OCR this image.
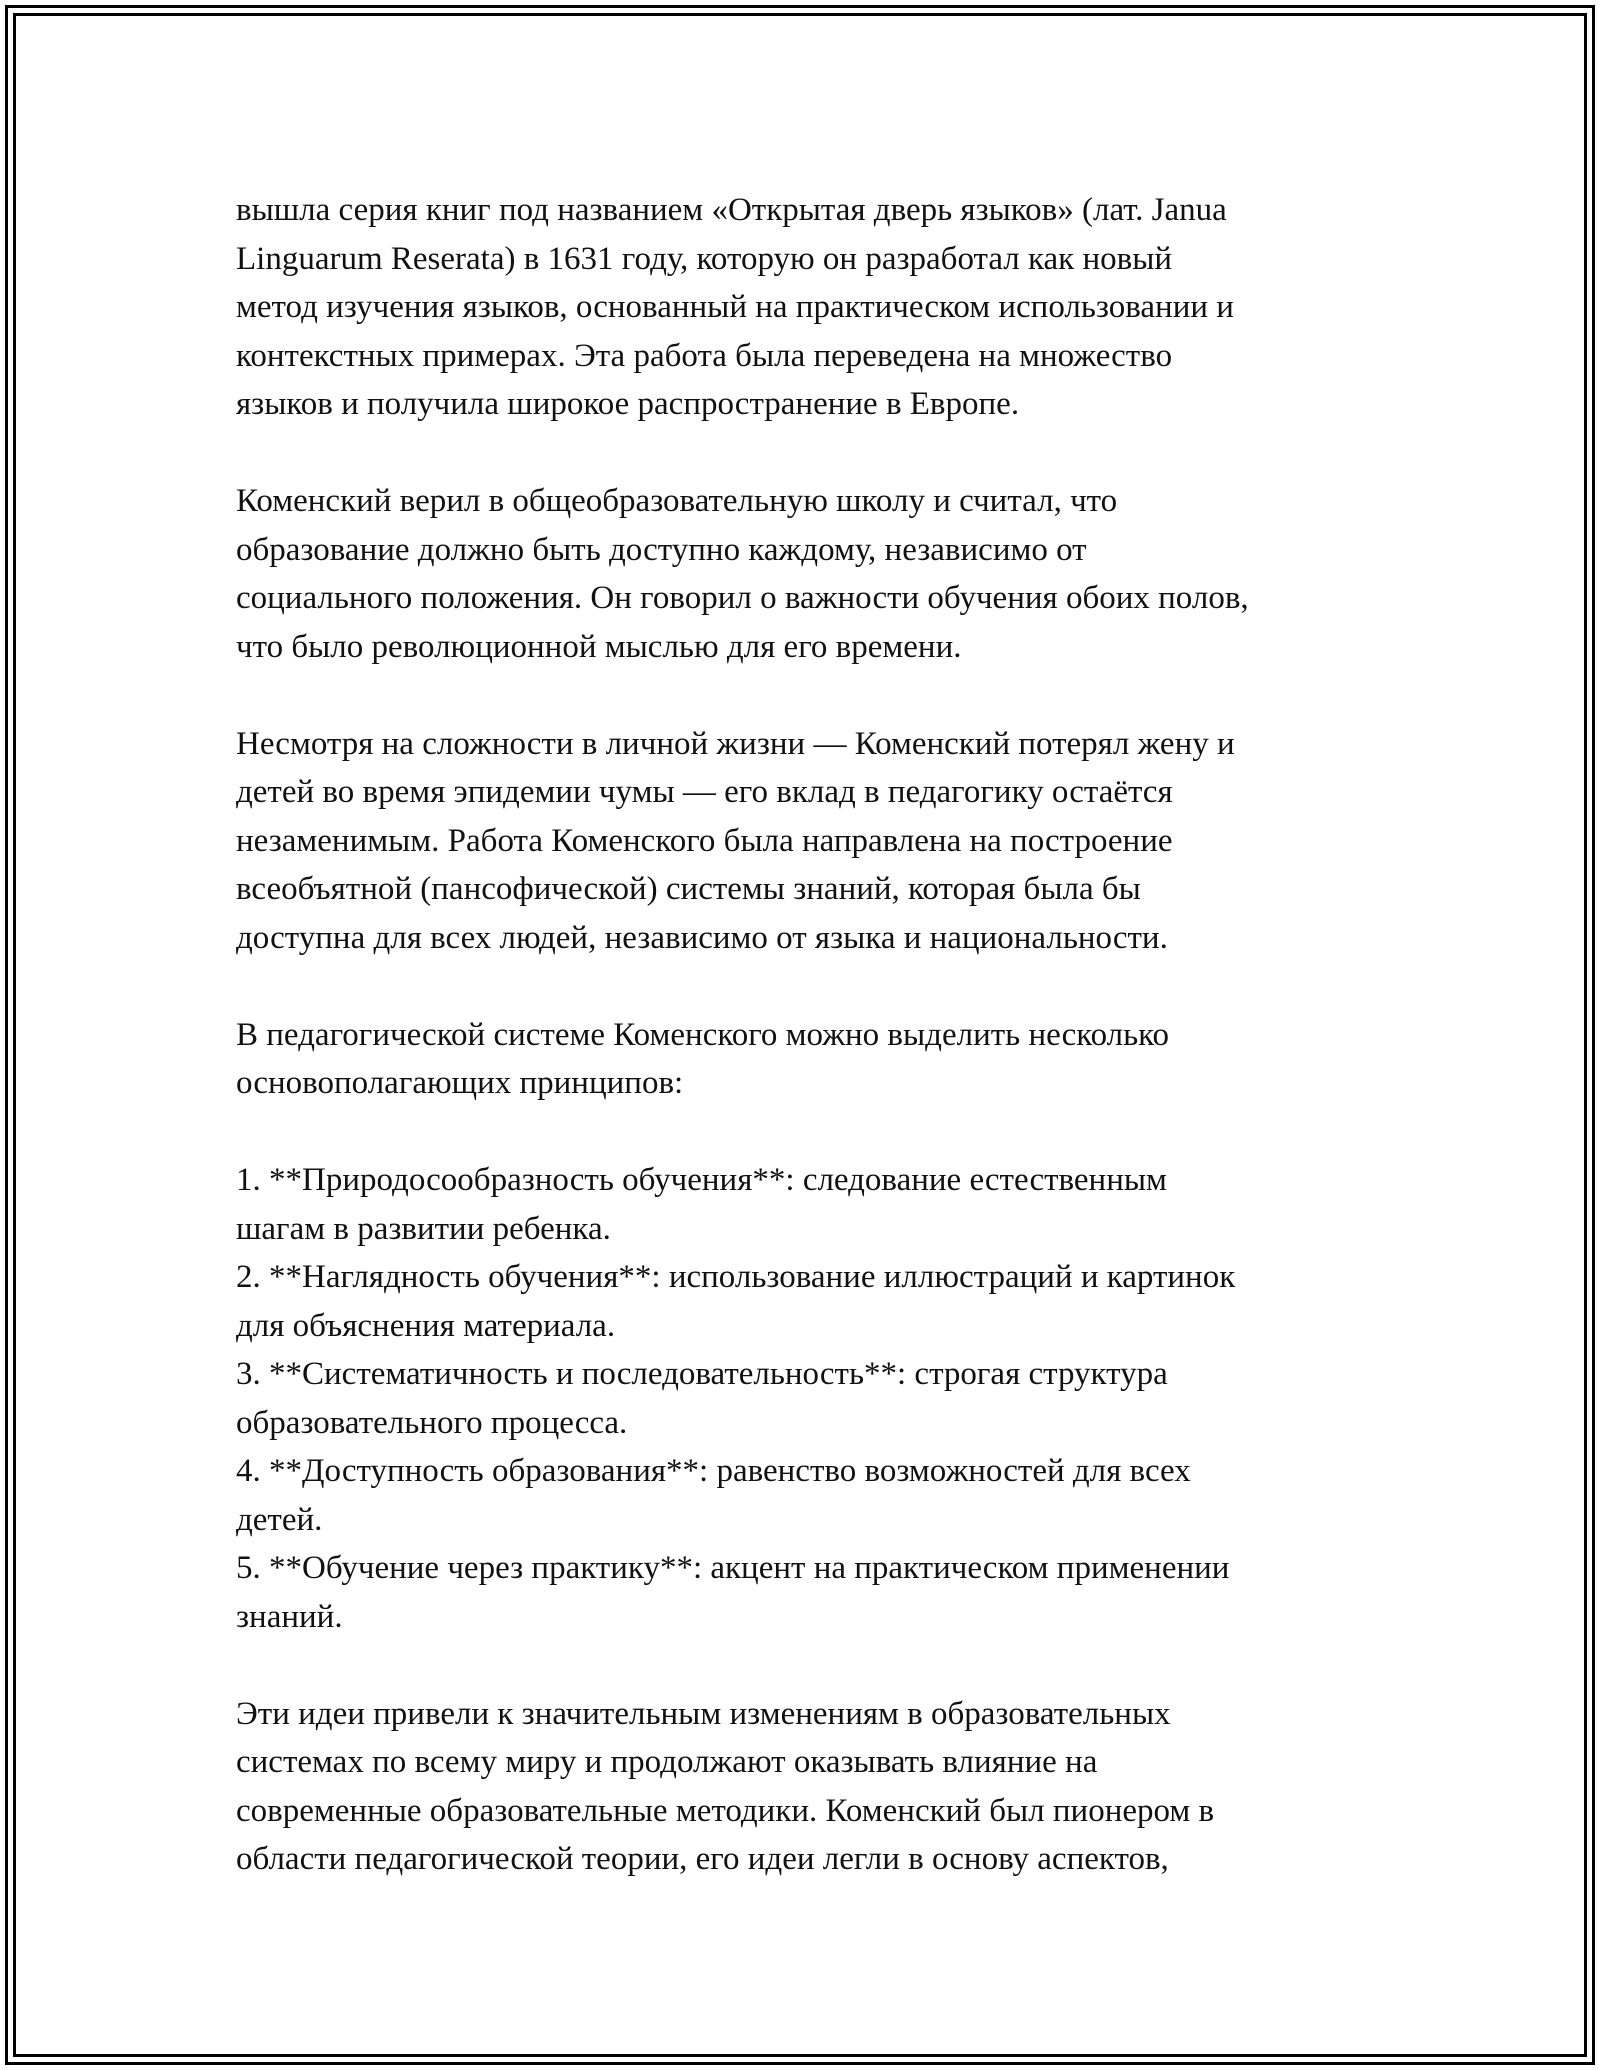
вышла серия книг под названием «Открытая дверь языков» (лат. Janua
Linguarum Reserata) в 1631 году, которую он разработал как новый
метод изучения языков, основанный на практическом использовании и
контекстных примерах. Эта работа была переведена на множество
языков и получила широкое распространение в Европе.

Коменский верил в общеобразовательную школу и считал, что
образование должно быть доступно каждому, независимо от
социального положения. Он говорил о важности обучения обоих полов,
что было революционной мыслью для его времени.

Несмотря на сложности в личной жизни — Коменский потерял жену и
детей во время эпидемии чумы — его вклад в педагогику остаётся
незаменимым. Работа Коменского была направлена на построение
всеобъятной (пансофической) системы знаний, которая была бы
доступна для всех людей, независимо от языка и национальности.

В педагогической системе Коменского можно выделить несколько
основополагающих принципов:

1. **Природосообразность обучения**: следование естественным
шагам в развитии ребенка.
2. **Наглядность обучения**: использование иллюстраций и картинок
для объяснения материала.
3. **Систематичность и последовательность**: строгая структура
образовательного процесса.
4. **Доступность образования**: равенство возможностей для всех
детей.
5. **Обучение через практику**: акцент на практическом применении
знаний.

Эти идеи привели к значительным изменениям в образовательных
системах по всему миру и продолжают оказывать влияние на
современные образовательные методики. Коменский был пионером в
области педагогической теории, его идеи легли в основу аспектов,
